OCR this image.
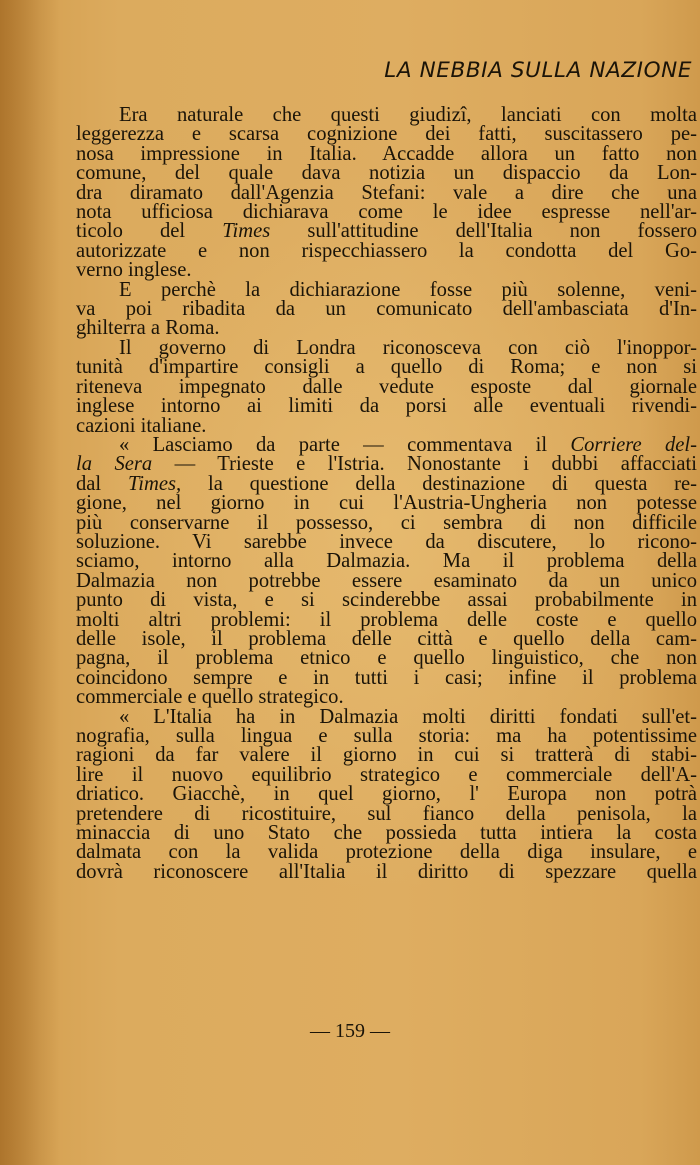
LA NEBBIA SULLA NAZIONE
Era naturale che questi giudizî, lanciati con molta
leggerezza e scarsa cognizione dei fatti, suscitassero pe-
nosa impressione in Italia. Accadde allora un fatto non
comune, del quale dava notizia un dispaccio da Lon-
dra diramato dall'Agenzia Stefani: vale a dire che una
nota ufficiosa dichiarava come le idee espresse nell'ar-
ticolo del Times sull'attitudine dell'Italia non fossero
autorizzate e non rispecchiassero la condotta del Go-
verno inglese.
E perchè la dichiarazione fosse più solenne, veni-
va poi ribadita da un comunicato dell'ambasciata d'In-
ghilterra a Roma.
Il governo di Londra riconosceva con ciò l'inoppor-
tunità d'impartire consigli a quello di Roma; e non si
riteneva impegnato dalle vedute esposte dal giornale
inglese intorno ai limiti da porsi alle eventuali rivendi-
cazioni italiane.
« Lasciamo da parte — commentava il Corriere del-
la Sera — Trieste e l'Istria. Nonostante i dubbi affacciati
dal Times, la questione della destinazione di questa re-
gione, nel giorno in cui l'Austria-Ungheria non potesse
più conservarne il possesso, ci sembra di non difficile
soluzione. Vi sarebbe invece da discutere, lo ricono-
sciamo, intorno alla Dalmazia. Ma il problema della
Dalmazia non potrebbe essere esaminato da un unico
punto di vista, e si scinderebbe assai probabilmente in
molti altri problemi: il problema delle coste e quello
delle isole, il problema delle città e quello della cam-
pagna, il problema etnico e quello linguistico, che non
coincidono sempre e in tutti i casi; infine il problema
commerciale e quello strategico.
« L'Italia ha in Dalmazia molti diritti fondati sull'et-
nografia, sulla lingua e sulla storia: ma ha potentissime
ragioni da far valere il giorno in cui si tratterà di stabi-
lire il nuovo equilibrio strategico e commerciale dell'A-
driatico. Giacchè, in quel giorno, l' Europa non potrà
pretendere di ricostituire, sul fianco della penisola, la
minaccia di uno Stato che possieda tutta intiera la costa
dalmata con la valida protezione della diga insulare, e
dovrà riconoscere all'Italia il diritto di spezzare quella

— 159 —
